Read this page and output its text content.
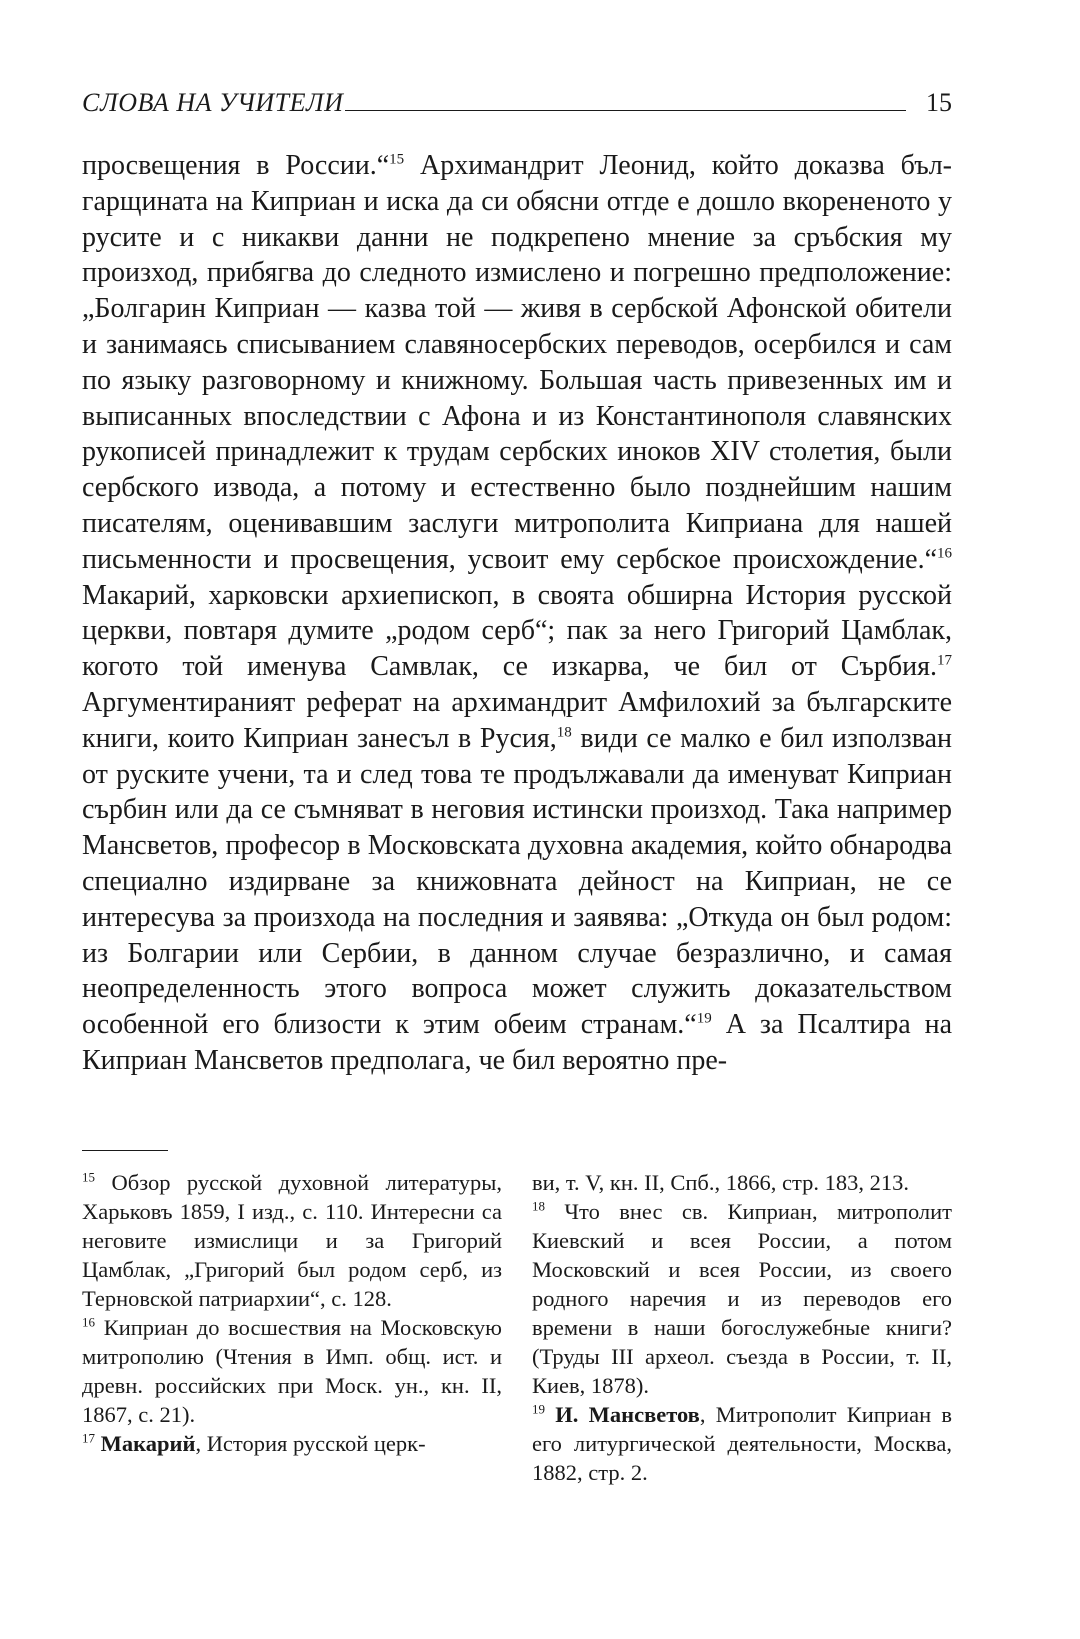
СЛОВА НА УЧИТЕЛИ	15

просвещения в России.“$^{15}$ Архимандрит Леонид, който доказва българщината на Киприан и иска да си обясни отгде е дошло вкорененото у русите и с никакви данни не подкрепено мнение за сръбския му произход, прибягва до следното измислено и погрешно предположение: „Болгарин Киприан — казва той — живя в сербской Афонской обители и занимаясь списыванием славяносербских переводов, осербился и сам по языку разговорному и книжному. Большая часть привезенных им и выписанных впоследствии с Афона и из Константинополя славянских рукописей принадлежит к трудам сербских иноков XIV столетия, были сербского извода, а потому и естественно было позднейшим нашим писателям, оценивавшим заслуги митрополита Киприана для нашей письменности и просвещения, усвоит ему сербское происхождение.“$^{16}$ Макарий, харковски архиепископ, в своята обширна История русской церкви, повтаря думите „родом серб“; пак за него Григорий Цамблак, когото той именува Самвлак, се изкарва, че бил от Сърбия.$^{17}$ Аргументираният реферат на архимандрит Амфилохий за българските книги, които Киприан занесъл в Русия,$^{18}$ види се малко е бил използван от руските учени, та и след това те продължавали да именуват Киприан сърбин или да се съмняват в неговия истински произход. Така например Мансветов, професор в Московската духовна академия, който обнародва специално издирване за книжовната дейност на Киприан, не се интересува за произхода на последния и заявява: „Откуда он был родом: из Болгарии или Сербии, в данном случае безразлично, и самая неопределенность этого вопроса может служить доказательством особенной его близости к этим обеим странам.“$^{19}$ А за Псалтира на Киприан Мансветов предполага, че бил вероятно пре-

$^{15}$ Обзор русской духовной литературы, Харьковъ 1859, I изд., с. 110. Интересни са неговите измислици и за Григорий Цамблак, „Григорий был родом серб, из Терновской патриархии“, с. 128.

$^{16}$ Киприан до восшествия на Московскую митрополию (Чтения в Имп. общ. ист. и древн. российских при Моск. ун., кн. II, 1867, с. 21).

$^{17}$ Макарий, История русской церк-

ви, т. V, кн. II, Спб., 1866, стр. 183, 213.

$^{18}$ Что внес св. Киприан, митрополит Киевский и всея России, а потом Московский и всея России, из своего родного наречия и из переводов его времени в наши богослужебные книги? (Труды III археол. съезда в России, т. II, Киев, 1878).

$^{19}$ И. Мансветов, Митрополит Киприан в его литургической деятельности, Москва, 1882, стр. 2.
